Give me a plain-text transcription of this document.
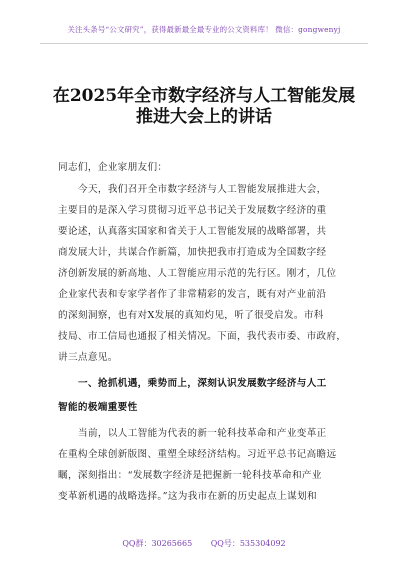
关注头条号“公文研究”，获得最新最全最专业的公文资料库！ 微信：gongwenyj
在2025年全市数字经济与人工智能发展
推进大会上的讲话
同志们，企业家朋友们：
今天，我们召开全市数字经济与人工智能发展推进大会，
主要目的是深入学习贯彻习近平总书记关于发展数字经济的重
要论述，认真落实国家和省关于人工智能发展的战略部署，共
商发展大计，共谋合作新篇，加快把我市打造成为全国数字经
济创新发展的新高地、人工智能应用示范的先行区。刚才，几位
企业家代表和专家学者作了非常精彩的发言，既有对产业前沿
的深刻洞察，也有对X发展的真知灼见，听了很受启发。市科
技局、市工信局也通报了相关情况。下面，我代表市委、市政府，
讲三点意见。
一、抢抓机遇，乘势而上，深刻认识发展数字经济与人工
智能的极端重要性
当前，以人工智能为代表的新一轮科技革命和产业变革正
在重构全球创新版图、重塑全球经济结构。习近平总书记高瞻远
瞩，深刻指出：“发展数字经济是把握新一轮科技革命和产业
变革新机遇的战略选择。”这为我市在新的历史起点上谋划和
QQ群：30265665 QQ号：535304092
